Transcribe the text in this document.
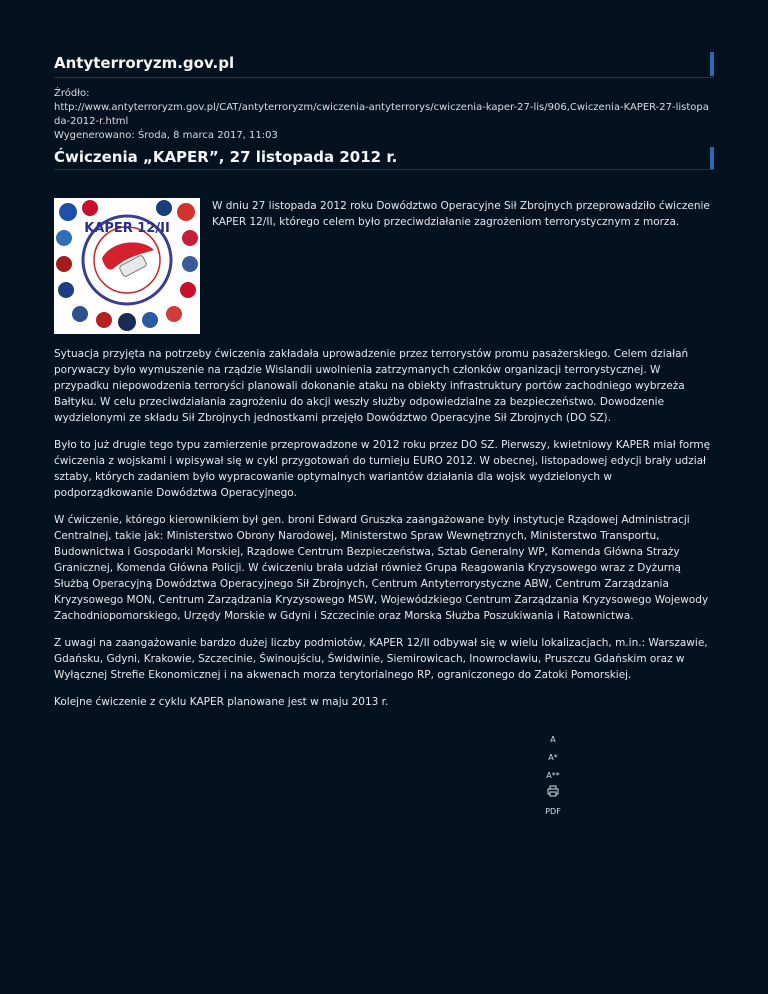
Antyterroryzm.gov.pl
Źródło:
http://www.antyterroryzm.gov.pl/CAT/antyterroryzm/cwiczenia-antyterrorys/cwiczenia-kaper-27-lis/906,Cwiczenia-KAPER-27-listopada-2012-r.html
Wygenerowano: Środa, 8 marca 2017, 11:03
Ćwiczenia „KAPER”, 27 listopada 2012 r.
KAPER 12/II
W dniu 27 listopada 2012 roku Dowództwo Operacyjne Sił Zbrojnych przeprowadziło ćwiczenie KAPER 12/II, którego celem było przeciwdziałanie zagrożeniom terrorystycznym z morza.

Sytuacja przyjęta na potrzeby ćwiczenia zakładała uprowadzenie przez terrorystów promu pasażerskiego. Celem działań porywaczy było wymuszenie na rządzie Wislandii uwolnienia zatrzymanych członków organizacji terrorystycznej. W przypadku niepowodzenia terroryści planowali dokonanie ataku na obiekty infrastruktury portów zachodniego wybrzeża Bałtyku. W celu przeciwdziałania zagrożeniu do akcji weszły służby odpowiedzialne za bezpieczeństwo. Dowodzenie wydzielonymi ze składu Sił Zbrojnych jednostkami przejęło Dowództwo Operacyjne Sił Zbrojnych (DO SZ).

Było to już drugie tego typu zamierzenie przeprowadzone w 2012 roku przez DO SZ. Pierwszy, kwietniowy KAPER miał formę ćwiczenia z wojskami i wpisywał się w cykl przygotowań do turnieju EURO 2012. W obecnej, listopadowej edycji brały udział sztaby, których zadaniem było wypracowanie optymalnych wariantów działania dla wojsk wydzielonych w podporządkowanie Dowództwa Operacyjnego.

W ćwiczenie, którego kierownikiem był gen. broni Edward Gruszka zaangażowane były instytucje Rządowej Administracji Centralnej, takie jak: Ministerstwo Obrony Narodowej, Ministerstwo Spraw Wewnętrznych, Ministerstwo Transportu, Budownictwa i Gospodarki Morskiej, Rządowe Centrum Bezpieczeństwa, Sztab Generalny WP, Komenda Główna Straży Granicznej, Komenda Główna Policji. W ćwiczeniu brała udział również Grupa Reagowania Kryzysowego wraz z Dyżurną Służbą Operacyjną Dowództwa Operacyjnego Sił Zbrojnych, Centrum Antyterrorystyczne ABW, Centrum Zarządzania Kryzysowego MON, Centrum Zarządzania Kryzysowego MSW, Wojewódzkiego Centrum Zarządzania Kryzysowego Wojewody Zachodniopomorskiego, Urzędy Morskie w Gdyni i Szczecinie oraz Morska Służba Poszukiwania i Ratownictwa.

Z uwagi na zaangażowanie bardzo dużej liczby podmiotów, KAPER 12/II odbywał się w wielu lokalizacjach, m.in.: Warszawie, Gdańsku, Gdyni, Krakowie, Szczecinie, Świnoujściu, Świdwinie, Siemirowicach, Inowrocławiu, Pruszczu Gdańskim oraz w Wyłącznej Strefie Ekonomicznej i na akwenach morza terytorialnego RP, ograniczonego do Zatoki Pomorskiej.

Kolejne ćwiczenie z cyklu KAPER planowane jest w maju 2013 r.

A
A*
A**
PDF
